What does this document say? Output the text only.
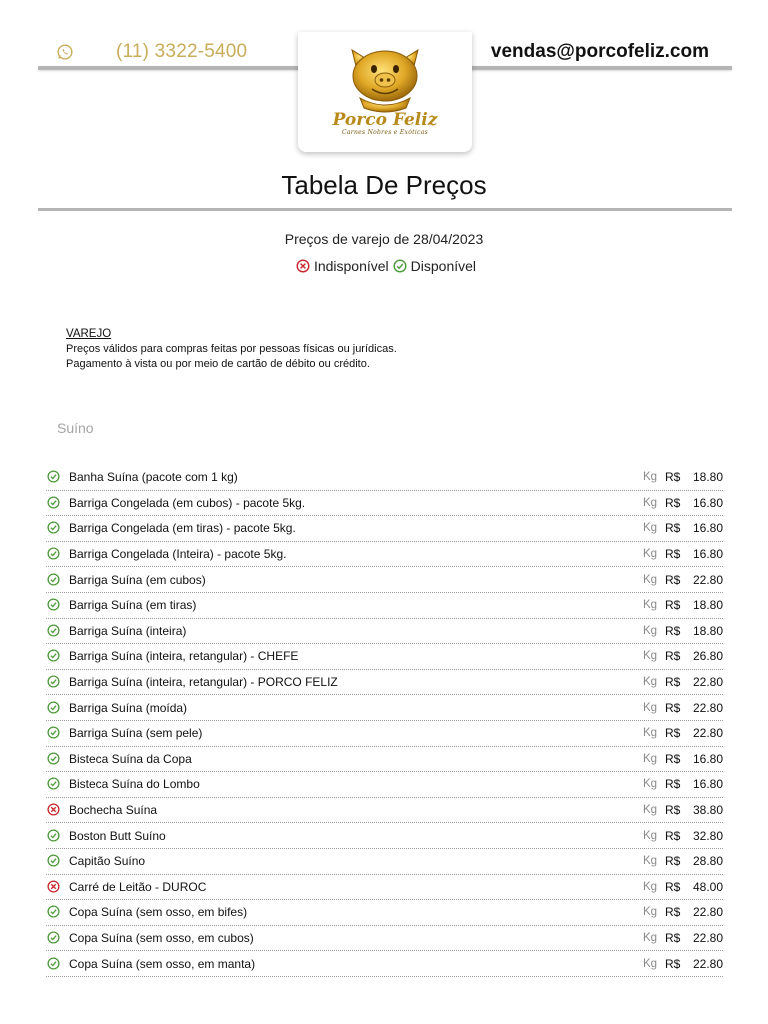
(11) 3322-5400	vendas@porcofeliz.com
Porco Feliz
Carnes Nobres e Exóticas
Tabela De Preços
Preços de varejo de 28/04/2023
Indisponível Disponível
VAREJO
Preços válidos para compras feitas por pessoas físicas ou jurídicas.
Pagamento à vista ou por meio de cartão de débito ou crédito.
Suíno
Banha Suína (pacote com 1 kg)	Kg R$	18.80
Barriga Congelada (em cubos) - pacote 5kg.	Kg R$	16.80
Barriga Congelada (em tiras) - pacote 5kg.	Kg R$	16.80
Barriga Congelada (Inteira) - pacote 5kg.	Kg R$	16.80
Barriga Suína (em cubos)	Kg R$	22.80
Barriga Suína (em tiras)	Kg R$	18.80
Barriga Suína (inteira)	Kg R$	18.80
Barriga Suína (inteira, retangular) - CHEFE	Kg R$	26.80
Barriga Suína (inteira, retangular) - PORCO FELIZ	Kg R$	22.80
Barriga Suína (moída)	Kg R$	22.80
Barriga Suína (sem pele)	Kg R$	22.80
Bisteca Suína da Copa	Kg R$	16.80
Bisteca Suína do Lombo	Kg R$	16.80
Bochecha Suína	Kg R$	38.80
Boston Butt Suíno	Kg R$	32.80
Capitão Suíno	Kg R$	28.80
Carré de Leitão - DUROC	Kg R$	48.00
Copa Suína (sem osso, em bifes)	Kg R$	22.80
Copa Suína (sem osso, em cubos)	Kg R$	22.80
Copa Suína (sem osso, em manta)	Kg R$	22.80
